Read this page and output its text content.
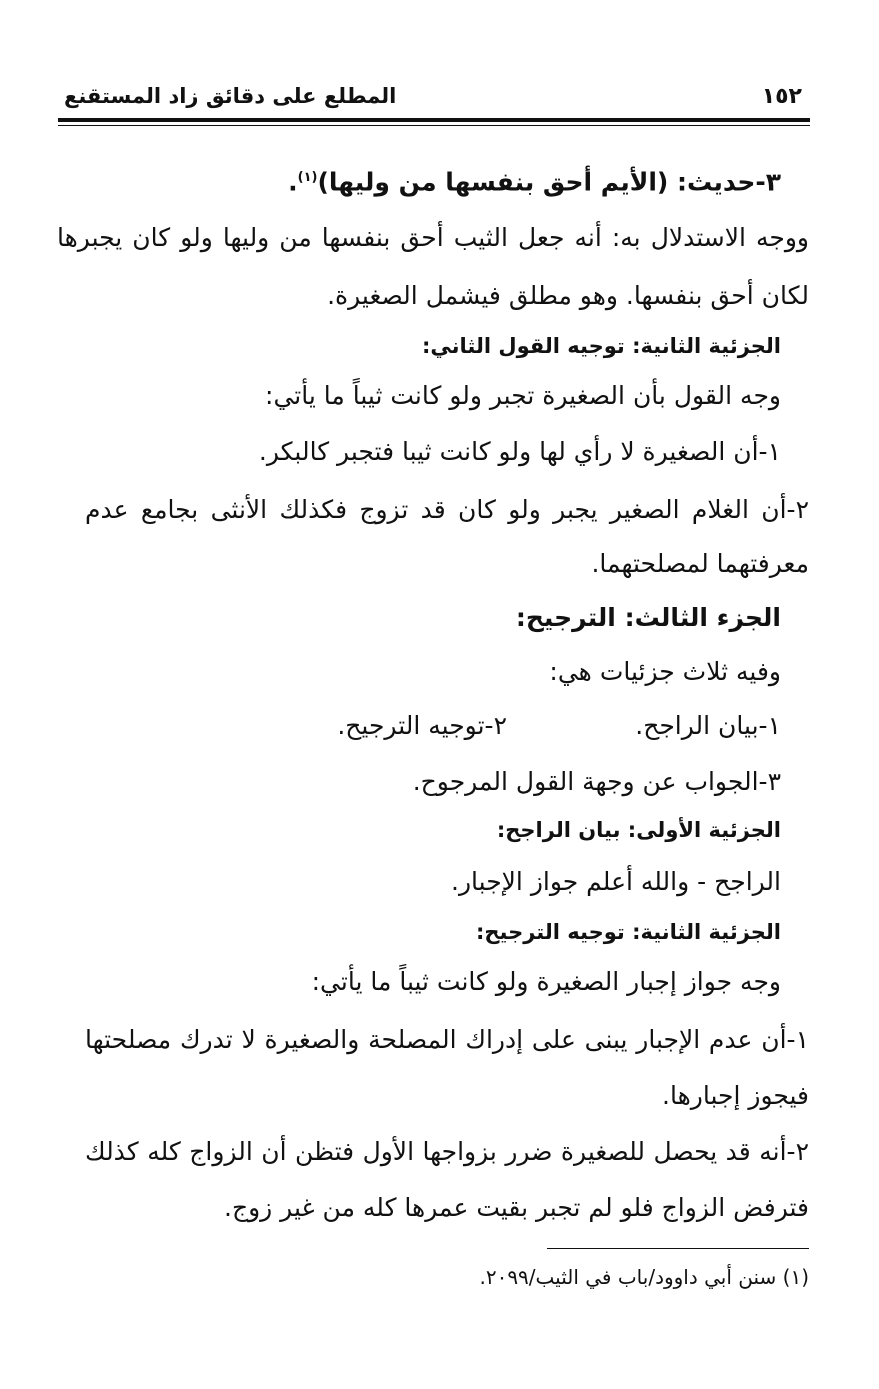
١٥٢
المطلع على دقائق زاد المستقنع
٣-حديث: (الأيم أحق بنفسها من وليها)$^{(١)}$.
ووجه الاستدلال به: أنه جعل الثيب أحق بنفسها من وليها ولو كان يجبرها
لكان أحق بنفسها. وهو مطلق فيشمل الصغيرة.
الجزئية الثانية: توجيه القول الثاني:
وجه القول بأن الصغيرة تجبر ولو كانت ثيباً ما يأتي:
١-أن الصغيرة لا رأي لها ولو كانت ثيبا فتجبر كالبكر.
٢-أن الغلام الصغير يجبر ولو كان قد تزوج فكذلك الأنثى بجامع عدم
معرفتهما لمصلحتهما.
الجزء الثالث: الترجيح:
وفيه ثلاث جزئيات هي:
١-بيان الراجح.
٢-توجيه الترجيح.
٣-الجواب عن وجهة القول المرجوح.
الجزئية الأولى: بيان الراجح:
الراجح - والله أعلم جواز الإجبار.
الجزئية الثانية: توجيه الترجيح:
وجه جواز إجبار الصغيرة ولو كانت ثيباً ما يأتي:
١-أن عدم الإجبار يبنى على إدراك المصلحة والصغيرة لا تدرك مصلحتها
فيجوز إجبارها.
٢-أنه قد يحصل للصغيرة ضرر بزواجها الأول فتظن أن الزواج كله كذلك
فترفض الزواج فلو لم تجبر بقيت عمرها كله من غير زوج.
(١) سنن أبي داوود/باب في الثيب/٢٠٩٩.
